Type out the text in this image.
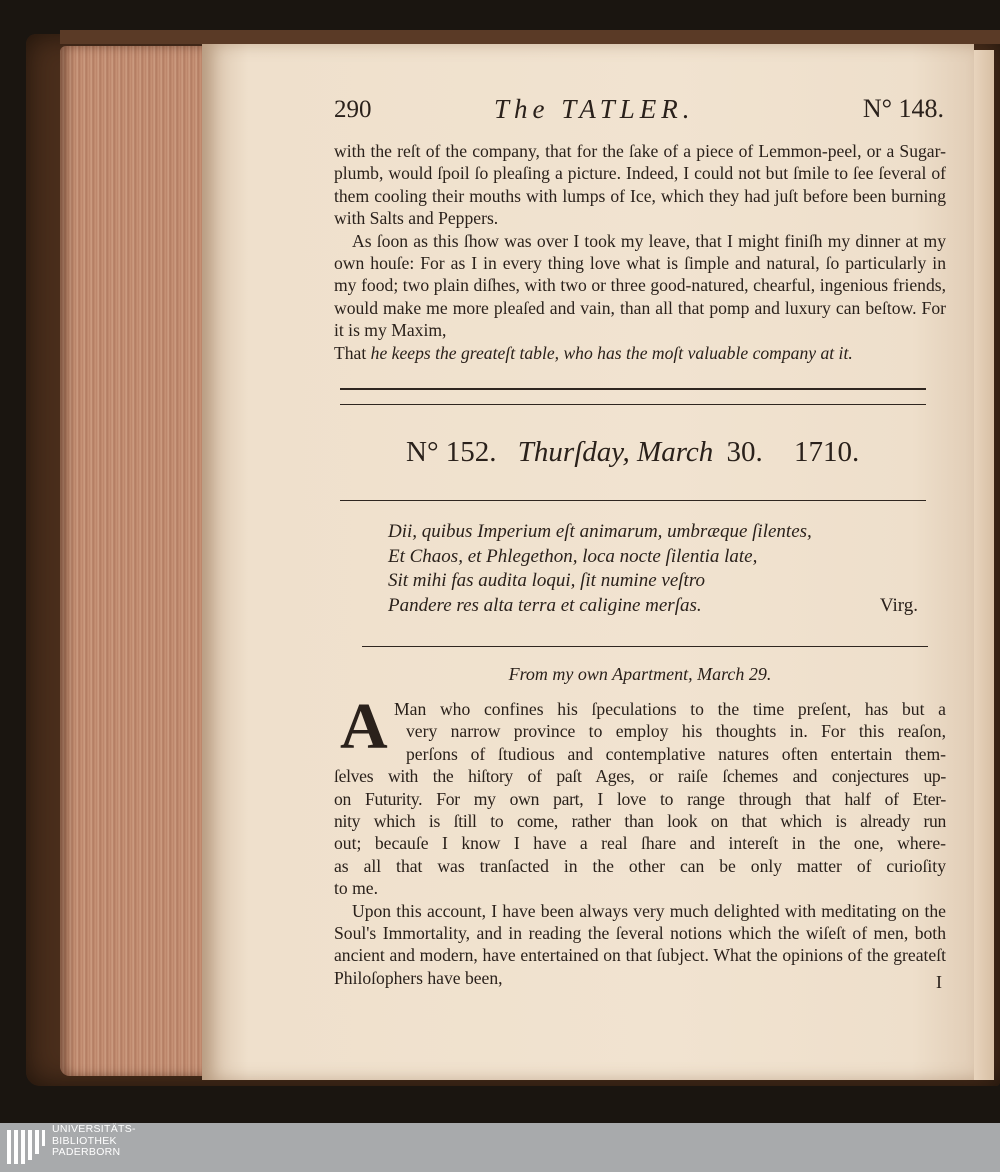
290	The TATLER.	N° 148.
with the reſt of the company, that for the ſake of a piece of Lemmon-peel, or a Sugar-plumb, would ſpoil ſo pleaſing a picture. Indeed, I could not but ſmile to ſee ſeveral of them cooling their mouths with lumps of Ice, which they had juſt before been burning with Salts and Peppers.
As ſoon as this ſhow was over I took my leave, that I might finiſh my dinner at my own houſe: For as I in every thing love what is ſimple and natural, ſo particularly in my food; two plain diſhes, with two or three good-natured, chearful, ingenious friends, would make me more pleaſed and vain, than all that pomp and luxury can beſtow. For it is my Maxim,
That he keeps the greateſt table, who has the moſt valuable company at it.
N° 152. Thurſday, March 30. 1710.
Dii, quibus Imperium eſt animarum, umbræque ſilentes,
Et Chaos, et Phlegethon, loca nocte ſilentia late,
Sit mihi fas audita loqui, ſit numine veſtro
Pandere res alta terra et caligine merſas.	Virg.
From my own Apartment, March 29.
A Man who confines his ſpeculations to the time preſent, has but a
very narrow province to employ his thoughts in. For this reaſon,
perſons of ſtudious and contemplative natures often entertain them-
ſelves with the hiſtory of paſt Ages, or raiſe ſchemes and conjectures up-
on Futurity. For my own part, I love to range through that half of Eter-
nity which is ſtill to come, rather than look on that which is already run
out; becauſe I know I have a real ſhare and intereſt in the one, where-
as all that was tranſacted in the other can be only matter of curioſity
to me.
Upon this account, I have been always very much delighted with meditating on the Soul's Immortality, and in reading the ſeveral notions which the wiſeſt of men, both ancient and modern, have entertained on that ſubject. What the opinions of the greateſt Philoſophers have been,	I
UNIVERSITÄTS-
BIBLIOTHEK
PADERBORN
